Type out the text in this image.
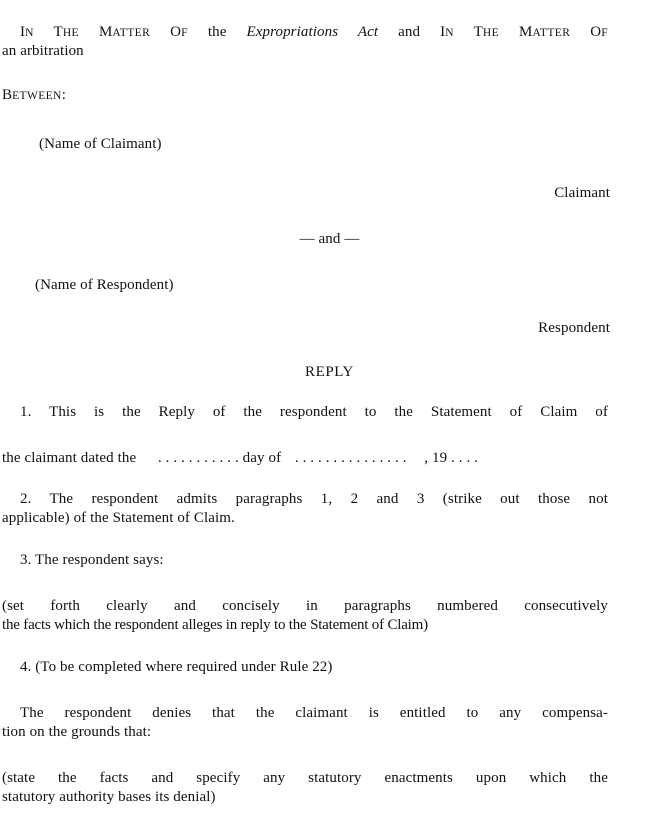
IN THE MATTER OF the Expropriations Act and IN THE MATTER OF
an arbitration
BETWEEN:
(Name of Claimant)
Claimant
— and —
(Name of Respondent)
Respondent
REPLY
1. This is the Reply of the respondent to the Statement of Claim of
the claimant dated the . . . . . . . . . . . day of . . . . . . . . . . . . . . . , 19 . . . .
2. The respondent admits paragraphs 1, 2 and 3 (strike out those not
applicable) of the Statement of Claim.
3. The respondent says:
(set forth clearly and concisely in paragraphs numbered consecutively
the facts which the respondent alleges in reply to the Statement of Claim)
4. (To be completed where required under Rule 22)
The respondent denies that the claimant is entitled to any compensa-
tion on the grounds that:
(state the facts and specify any statutory enactments upon which the
statutory authority bases its denial)
